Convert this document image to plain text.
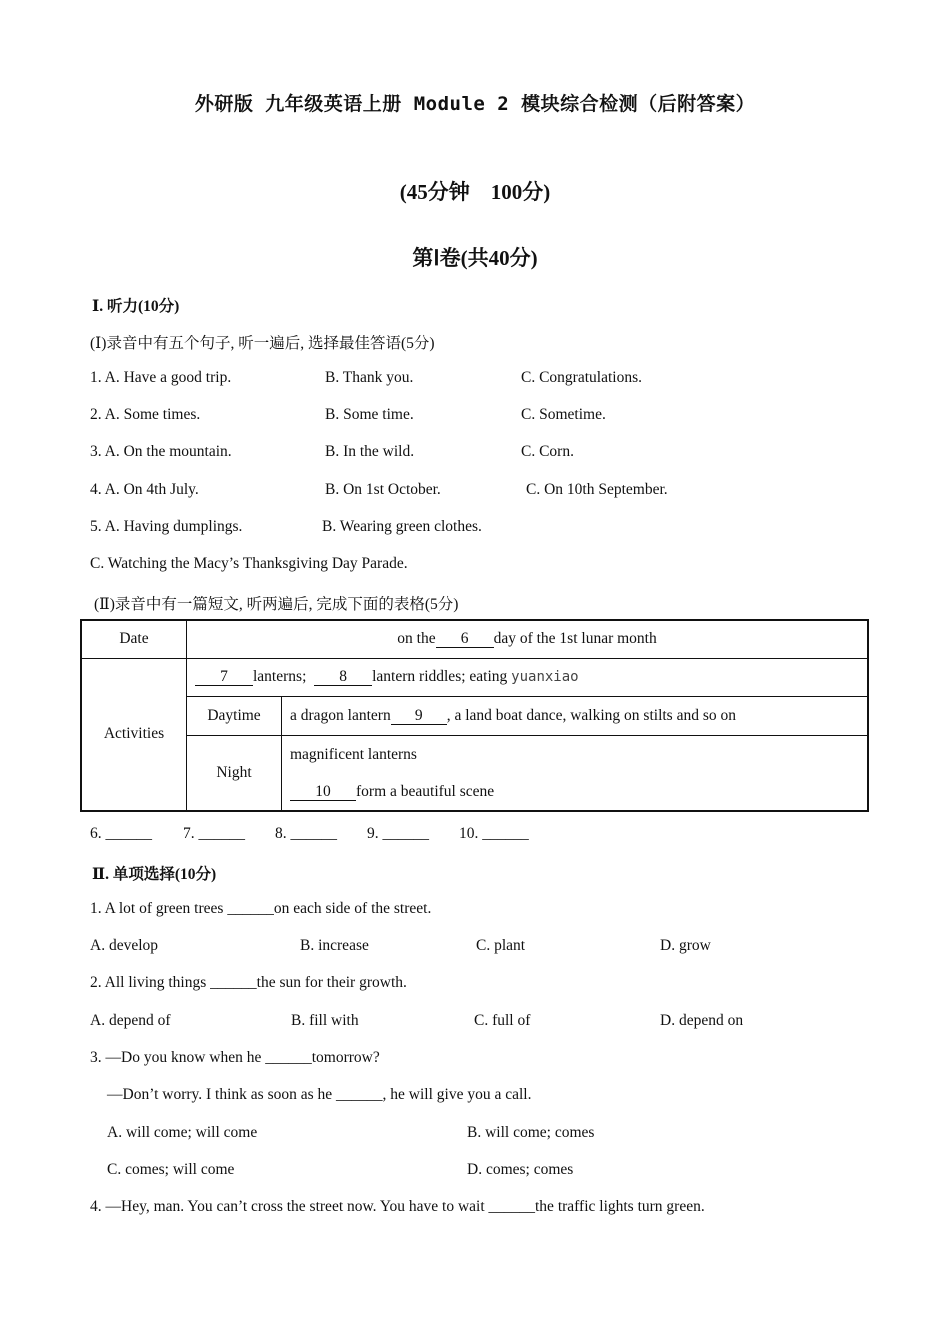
外研版 九年级英语上册 Module 2 模块综合检测（后附答案）
(45分钟　100分)
第Ⅰ卷(共40分)
Ⅰ. 听力(10分)
(Ⅰ)录音中有五个句子, 听一遍后, 选择最佳答语(5分)
1. A. Have a good trip.	B. Thank you.	C. Congratulations.
2. A. Some times.	B. Some time.	C. Sometime.
3. A. On the mountain.	B. In the wild.	C. Corn.
4. A. On 4th July.	B. On 1st October.	C. On 10th September.
5. A. Having dumplings.	B. Wearing green clothes.
C. Watching the Macy’s Thanksgiving Day Parade.
(Ⅱ)录音中有一篇短文, 听两遍后, 完成下面的表格(5分)
Date	on the 6 day of the 1st lunar month	
Activities	7 lanterns; 8 lantern riddles; eating yuanxiao	
	Daytime	a dragon lantern 9 , a land boat dance, walking on stilts and so on
	Night	magnificent lanterns
10 form a beautiful scene
6. ______ 7. ______ 8. ______ 9. ______ 10. ______
Ⅱ. 单项选择(10分)
1. A lot of green trees ______on each side of the street.
A. develop	B. increase	C. plant	D. grow
2. All living things ______the sun for their growth.
A. depend of	B. fill with	C. full of	D. depend on
3. —Do you know when he ______tomorrow?
—Don’t worry. I think as soon as he ______, he will give you a call.
A. will come; will come	B. will come; comes
C. comes; will come	D. comes; comes
4. —Hey, man. You can’t cross the street now. You have to wait ______the traffic lights turn green.
